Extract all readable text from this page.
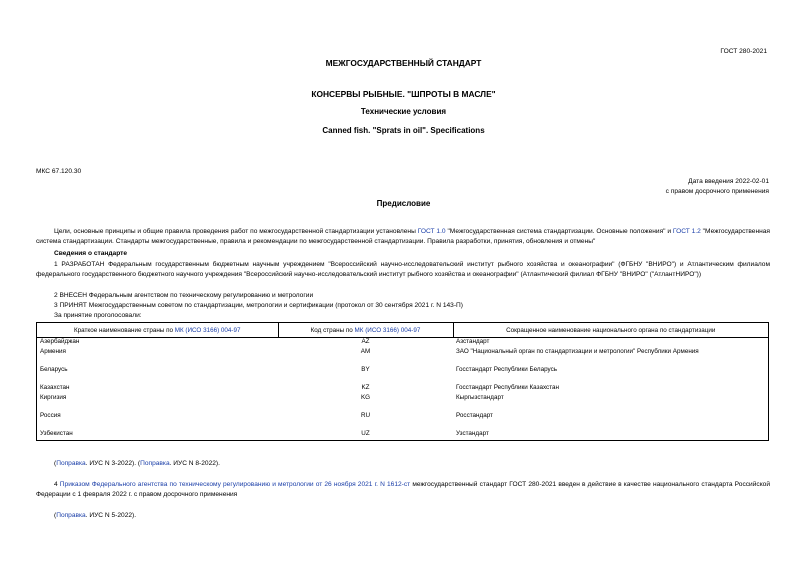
ГОСТ 280-2021
МЕЖГОСУДАРСТВЕННЫЙ СТАНДАРТ
КОНСЕРВЫ РЫБНЫЕ. "ШПРОТЫ В МАСЛЕ"
Технические условия
Canned fish. "Sprats in oil". Specifications
МКС 67.120.30
Дата введения 2022-02-01
с правом досрочного применения
Предисловие
Цели, основные принципы и общие правила проведения работ по межгосударственной стандартизации установлены ГОСТ 1.0 "Межгосударственная система стандартизации. Основные положения" и ГОСТ 1.2 "Межгосударственная система стандартизации. Стандарты межгосударственные, правила и рекомендации по межгосударственной стандартизации. Правила разработки, принятия, обновления и отмены"
Сведения о стандарте
1 РАЗРАБОТАН Федеральным государственным бюджетным научным учреждением "Всероссийский научно-исследовательский институт рыбного хозяйства и океанографии" (ФГБНУ "ВНИРО") и Атлантическим филиалом федерального государственного бюджетного научного учреждения "Всероссийский научно-исследовательский институт рыбного хозяйства и океанографии" (Атлантический филиал ФГБНУ "ВНИРО" ("АтлантНИРО"))
2 ВНЕСЕН Федеральным агентством по техническому регулированию и метрологии
3 ПРИНЯТ Межгосударственным советом по стандартизации, метрологии и сертификации (протокол от 30 сентября 2021 г. N 143-П)
За принятие проголосовали:
Краткое наименование страны по МК (ИСО 3166) 004-97	Код страны по МК (ИСО 3166) 004-97	Сокращенное наименование национального органа по стандартизации
Азербайджан	AZ	Азстандарт
Армения	AM	ЗАО "Национальный орган по стандартизации и метрологии" Республики Армения
Беларусь	BY	Госстандарт Республики Беларусь
Казахстан	KZ	Госстандарт Республики Казахстан
Киргизия	KG	Кыргызстандарт
Россия	RU	Росстандарт
Узбекистан	UZ	Узстандарт
(Поправка. ИУС N 3-2022). (Поправка. ИУС N 8-2022).
4 Приказом Федерального агентства по техническому регулированию и метрологии от 26 ноября 2021 г. N 1612-ст межгосударственный стандарт ГОСТ 280-2021 введен в действие в качестве национального стандарта Российской Федерации с 1 февраля 2022 г. с правом досрочного применения
(Поправка. ИУС N 5-2022).
